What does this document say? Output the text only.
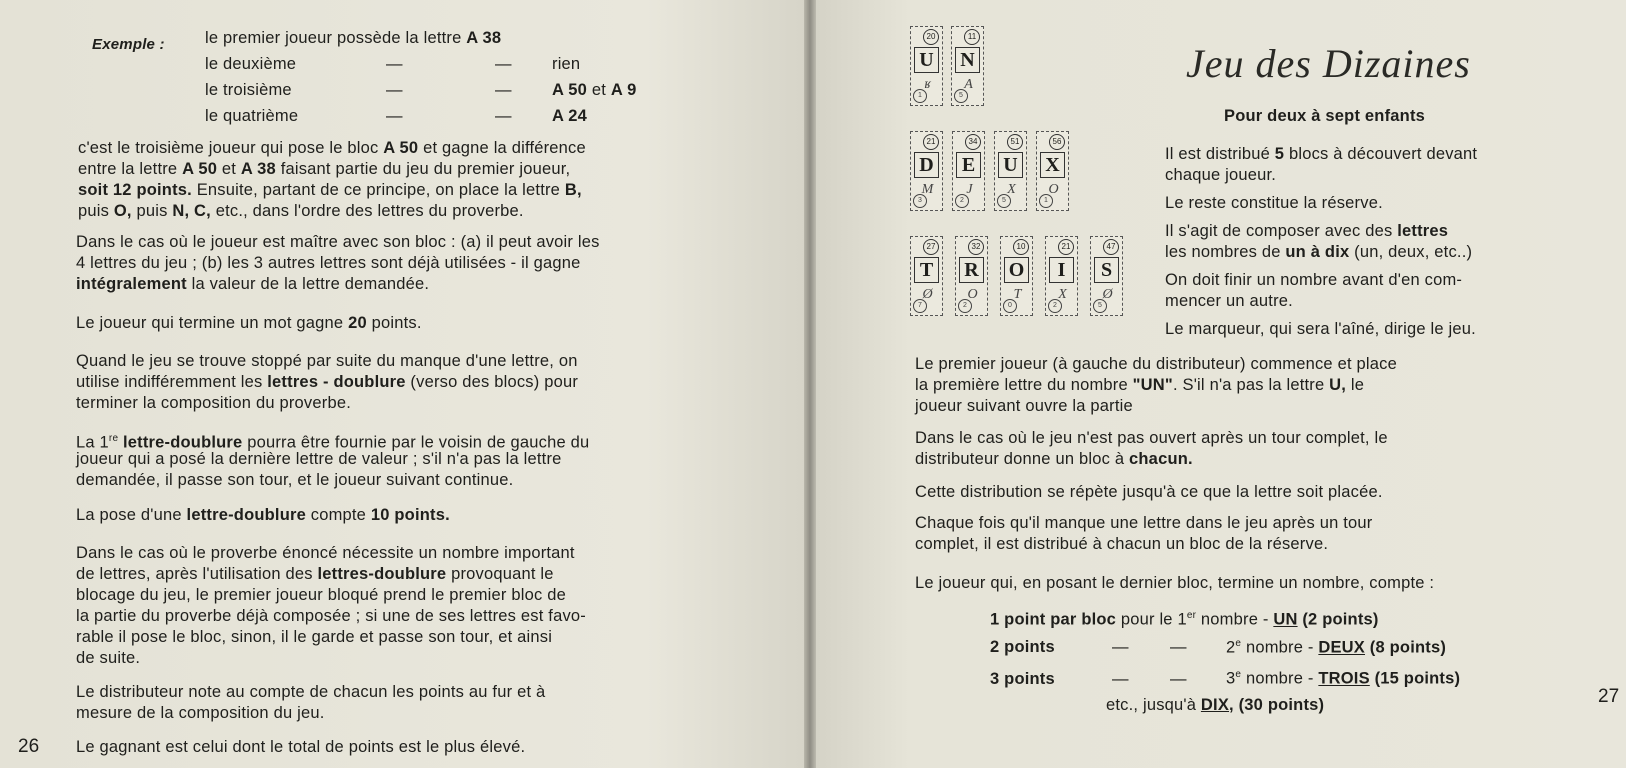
Exemple : le premier joueur possède la lettre A 38
le deuxième	—	— rien
le troisième	—	— A 50 et A 9
le quatrième	—	— A 24
c'est le troisième joueur qui pose le bloc A 50 et gagne la différence
entre la lettre A 50 et A 38 faisant partie du jeu du premier joueur,
soit 12 points. Ensuite, partant de ce principe, on place la lettre B,
puis O, puis N, C, etc., dans l'ordre des lettres du proverbe.
Dans le cas où le joueur est maître avec son bloc : (a) il peut avoir les
4 lettres du jeu ; (b) les 3 autres lettres sont déjà utilisées - il gagne
intégralement la valeur de la lettre demandée.
Le joueur qui termine un mot gagne 20 points.
Quand le jeu se trouve stoppé par suite du manque d'une lettre, on
utilise indifféremment les lettres - doublure (verso des blocs) pour
terminer la composition du proverbe.
La 1re lettre-doublure pourra être fournie par le voisin de gauche du
joueur qui a posé la dernière lettre de valeur ; s'il n'a pas la lettre
demandée, il passe son tour, et le joueur suivant continue.
La pose d'une lettre-doublure compte 10 points.
Dans le cas où le proverbe énoncé nécessite un nombre important
de lettres, après l'utilisation des lettres-doublure provoquant le
blocage du jeu, le premier joueur bloqué prend le premier bloc de
la partie du proverbe déjà composée ; si une de ses lettres est favo-
rable il pose le bloc, sinon, il le garde et passe son tour, et ainsi
de suite.
Le distributeur note au compte de chacun les points au fur et à
mesure de la composition du jeu.
Le gagnant est celui dont le total de points est le plus élevé.
26
20
U
ʁ
1
11
N
A
5
21
D
M
3
34
E
J
2
51
U
X
5
56
X
O
1
27
T
Ø
7
32
R
O
2
10
O
T
0
21
I
X
2
47
S
Ø
5
Jeu des Dizaines
Pour deux à sept enfants
Il est distribué 5 blocs à découvert devant
chaque joueur.
Le reste constitue la réserve.
Il s'agit de composer avec des lettres
les nombres de un à dix (un, deux, etc..)
On doit finir un nombre avant d'en com-
mencer un autre.
Le marqueur, qui sera l'aîné, dirige le jeu.
Le premier joueur (à gauche du distributeur) commence et place
la première lettre du nombre "UN". S'il n'a pas la lettre U, le
joueur suivant ouvre la partie
Dans le cas où le jeu n'est pas ouvert après un tour complet, le
distributeur donne un bloc à chacun.
Cette distribution se répète jusqu'à ce que la lettre soit placée.
Chaque fois qu'il manque une lettre dans le jeu après un tour
complet, il est distribué à chacun un bloc de la réserve.
Le joueur qui, en posant le dernier bloc, termine un nombre, compte :
1 point par bloc pour le 1er nombre - UN (2 points)
2 points	—	— 2e nombre - DEUX (8 points)
3 points	—	— 3e nombre - TROIS (15 points)
etc., jusqu'à DIX, (30 points)	27
